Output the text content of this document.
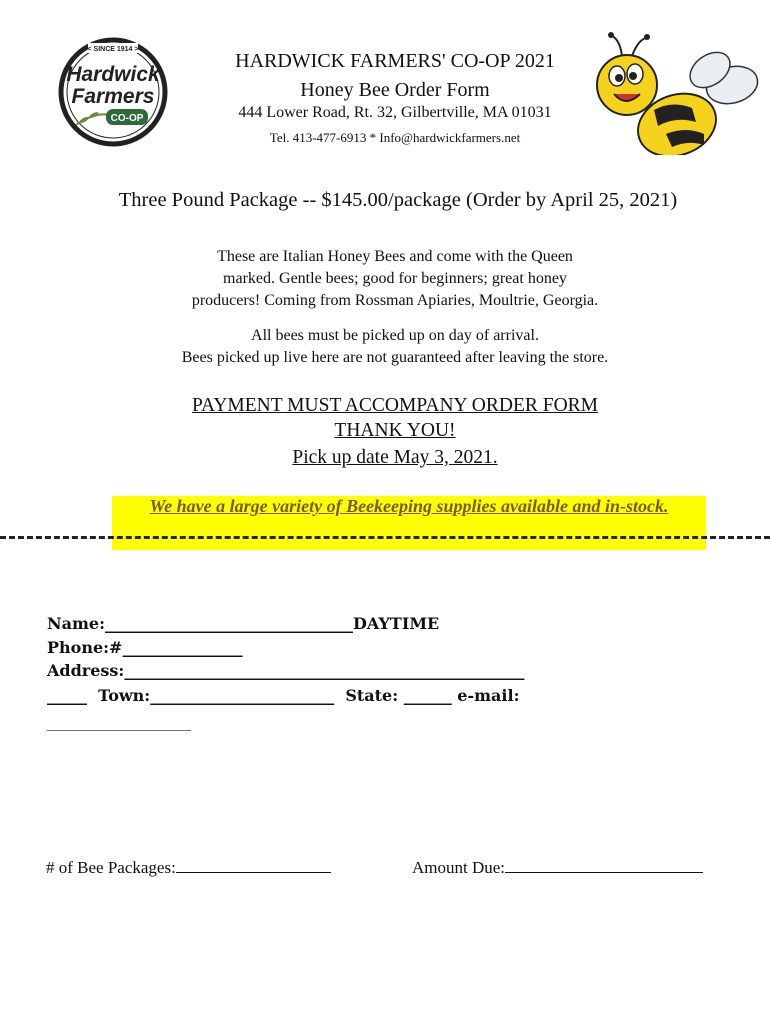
< SINCE 1914 >
Hardwick
Farmers
CO-OP
HARDWICK FARMERS' CO-OP 2021
Honey Bee Order Form
444 Lower Road, Rt. 32, Gilbertville, MA 01031
Tel. 413-477-6913 * Info@hardwickfarmers.net
Three Pound Package -- $145.00/package (Order by April 25, 2021)
These are Italian Honey Bees and come with the Queen
marked. Gentle bees; good for beginners; great honey
producers! Coming from Rossman Apiaries, Moultrie, Georgia.
All bees must be picked up on day of arrival.
Bees picked up live here are not guaranteed after leaving the store.
PAYMENT MUST ACCOMPANY ORDER FORM
THANK YOU!
Pick up date May 3, 2021.
We have a large variety of Beekeeping supplies available and in-stock.
Name:_______________________________DAYTIME
Phone:#_______________
Address:__________________________________________________
_____ Town:_______________________ State: ______ e-mail:
__________________
# of Bee Packages:	Amount Due:
